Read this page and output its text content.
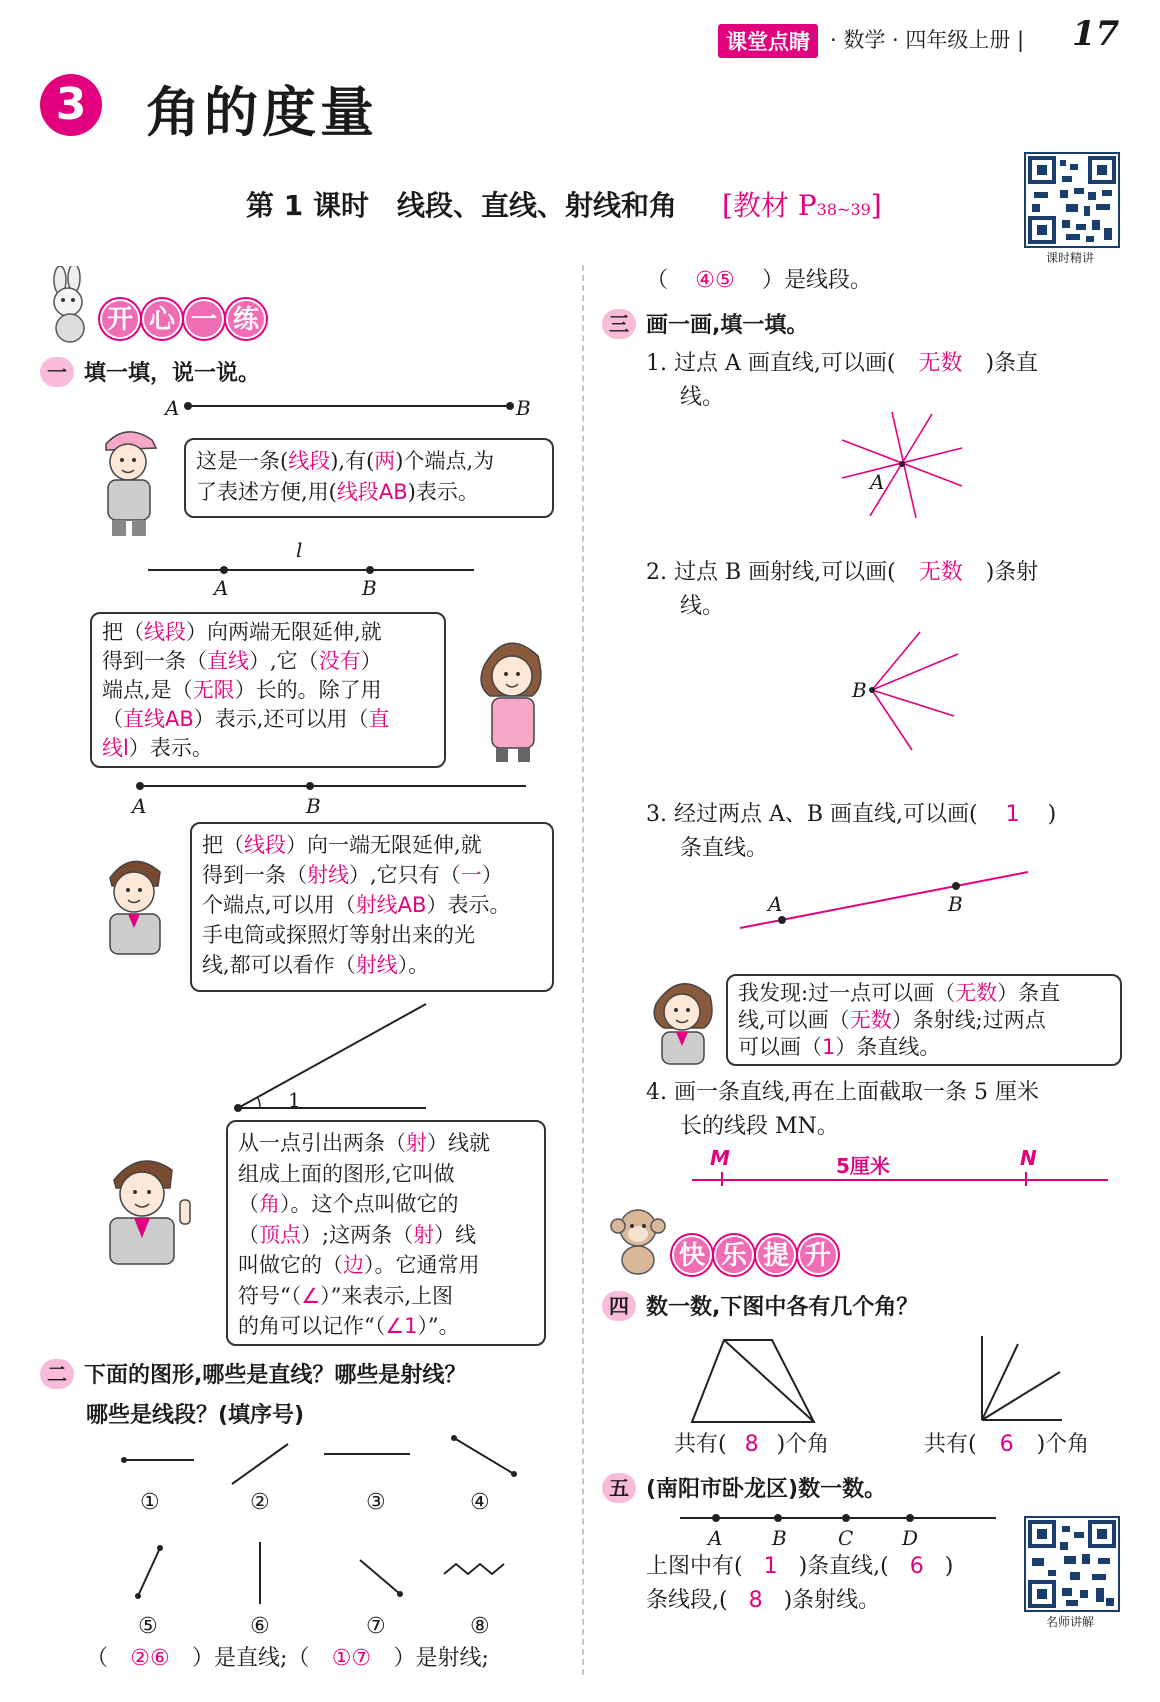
课堂点睛 · 数学 · 四年级上册 | 17
3 角的度量
第 1 课时　线段、直线、射线和角 [教材 P38~39]
课时精讲
开 心 一 练
一 填一填，说一说。
A	B
这是一条(线段),有(两)个端点,为
了表述方便,用(线段AB)表示。
l
A	B
把（线段）向两端无限延伸,就
得到一条（直线）,它（没有）
端点,是（无限）长的。除了用
（直线AB）表示,还可以用（直
线l）表示。
A	B
把（线段）向一端无限延伸,就
得到一条（射线）,它只有（一）
个端点,可以用（射线AB）表示。
手电筒或探照灯等射出来的光
线,都可以看作（射线）。
1
从一点引出两条（射）线就
组成上面的图形,它叫做
（角）。这个点叫做它的
（顶点）;这两条（射）线
叫做它的（边）。它通常用
符号“（∠）”来表示,上图
的角可以记作“（∠1）”。
二 下面的图形,哪些是直线？哪些是射线？
哪些是线段？(填序号)
①	②	③	④
⑤	⑥	⑦	⑧
（ ②⑥ ）是直线;（ ①⑦ ）是射线;
（ ④⑤ ）是线段。
三 画一画,填一填。
1. 过点 A 画直线,可以画( 无数 )条直
线。
A
2. 过点 B 画射线,可以画( 无数 )条射
线。
B
3. 经过两点 A、B 画直线,可以画( 1 )
条直线。
A	B
我发现:过一点可以画（无数）条直
线,可以画（无数）条射线;过两点
可以画（1）条直线。
4. 画一条直线,再在上面截取一条 5 厘米
长的线段 MN。
M	5厘米	N
快 乐 提 升
四 数一数,下图中各有几个角？
共有( 8 )个角	共有( 6 )个角
五 (南阳市卧龙区)数一数。
A B	C D
上图中有( 1 )条直线,( 6 )
条线段,( 8 )条射线。
名师讲解
